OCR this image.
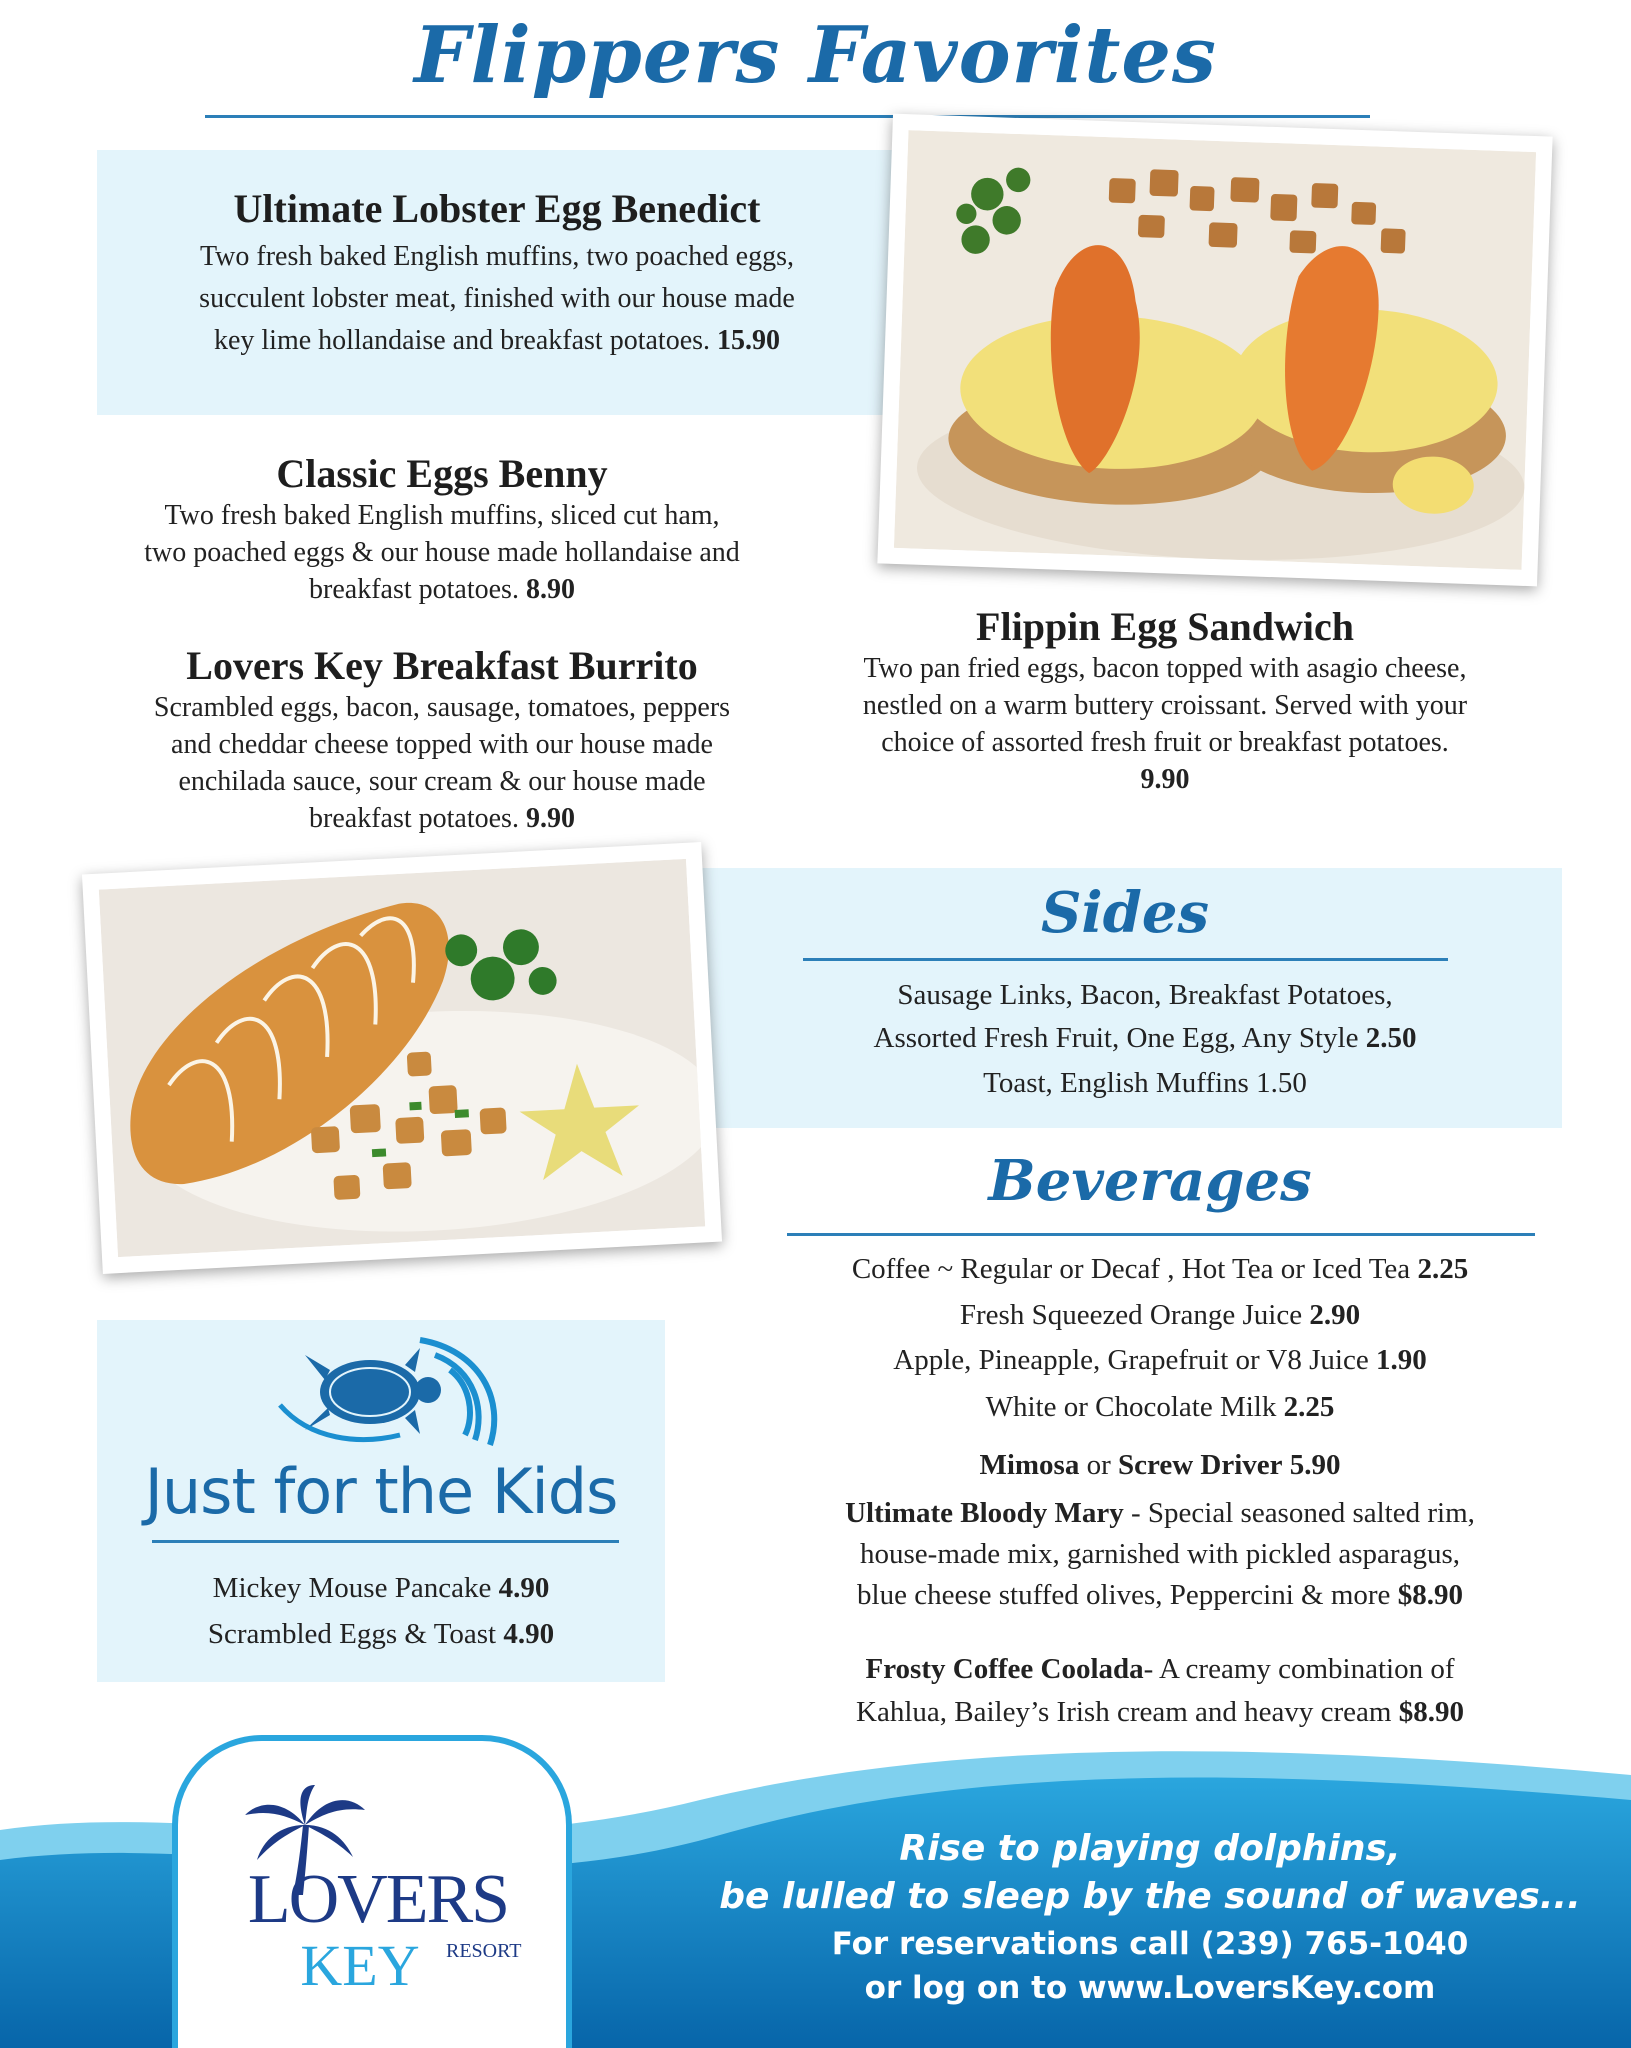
Flippers Favorites

Ultimate Lobster Egg Benedict

Two fresh baked English muffins, two poached eggs,

succulent lobster meat, finished with our house made

key lime hollandaise and breakfast potatoes. 15.90

Classic Eggs Benny

Two fresh baked English muffins, sliced cut ham,

two poached eggs & our house made hollandaise and

breakfast potatoes. 8.90

Lovers Key Breakfast Burrito

Scrambled eggs, bacon, sausage, tomatoes, peppers

and cheddar cheese topped with our house made

enchilada sauce, sour cream & our house made

breakfast potatoes. 9.90

Flippin Egg Sandwich

Two pan fried eggs, bacon topped with asagio cheese,

nestled on a warm buttery croissant. Served with your

choice of assorted fresh fruit or breakfast potatoes.

9.90

Sides
Sausage Links, Bacon, Breakfast Potatoes,
Assorted Fresh Fruit, One Egg, Any Style 2.50
Toast, English Muffins 1.50
Beverages
Coffee ~ Regular or Decaf , Hot Tea or Iced Tea 2.25
Fresh Squeezed Orange Juice 2.90
Apple, Pineapple, Grapefruit or V8 Juice 1.90
White or Chocolate Milk 2.25
Mimosa or Screw Driver 5.90
Ultimate Bloody Mary - Special seasoned salted rim,
house-made mix, garnished with pickled asparagus,
blue cheese stuffed olives, Peppercini & more $8.90
Frosty Coffee Coolada- A creamy combination of
Kahlua, Bailey’s Irish cream and heavy cream $8.90
Just for the Kids
Mickey Mouse Pancake 4.90
Scrambled Eggs & Toast 4.90
LOVERS
KEY	RESORT
Rise to playing dolphins,
be lulled to sleep by the sound of waves...
For reservations call (239) 765-1040
or log on to www.LoversKey.com
